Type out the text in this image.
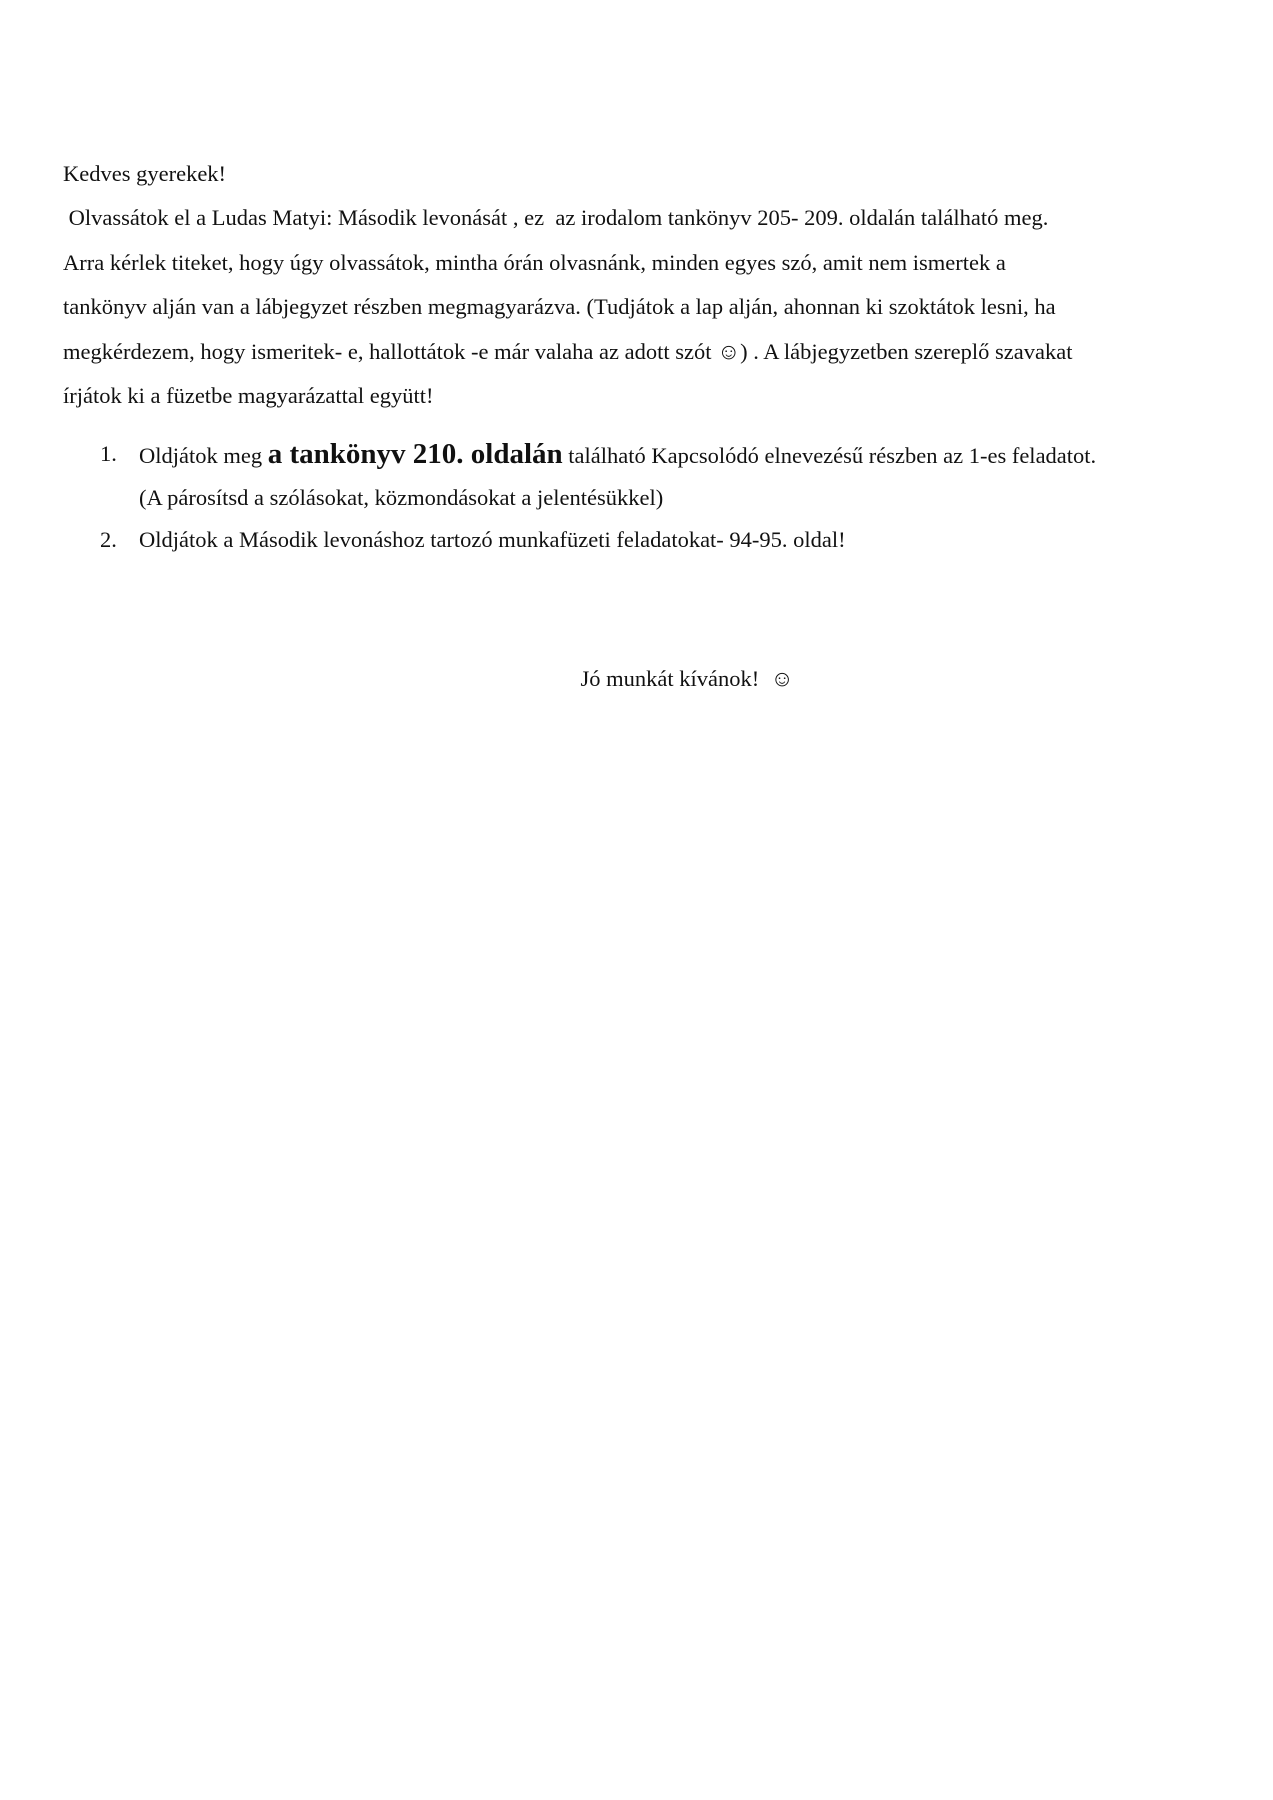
Kedves gyerekek!

Olvassátok el a Ludas Matyi: Második levonását , ez  az irodalom tankönyv 205- 209. oldalán található meg.
Arra kérlek titeket, hogy úgy olvassátok, mintha órán olvasnánk, minden egyes szó, amit nem ismertek a
tankönyv alján van a lábjegyzet részben megmagyarázva. (Tudjátok a lap alján, ahonnan ki szoktátok lesni, ha
megkérdezem, hogy ismeritek- e, hallottátok -e már valaha az adott szót ☺) . A lábjegyzetben szereplő szavakat
írjátok ki a füzetbe magyarázattal együtt!

1. Oldjátok meg a tankönyv 210. oldalán található Kapcsolódó elnevezésű részben az 1-es feladatot.
(A párosítsd a szólásokat, közmondásokat a jelentésükkel)
2. Oldjátok a Második levonáshoz tartozó munkafüzeti feladatokat- 94-95. oldal!

Jó munkát kívánok!  ☺
